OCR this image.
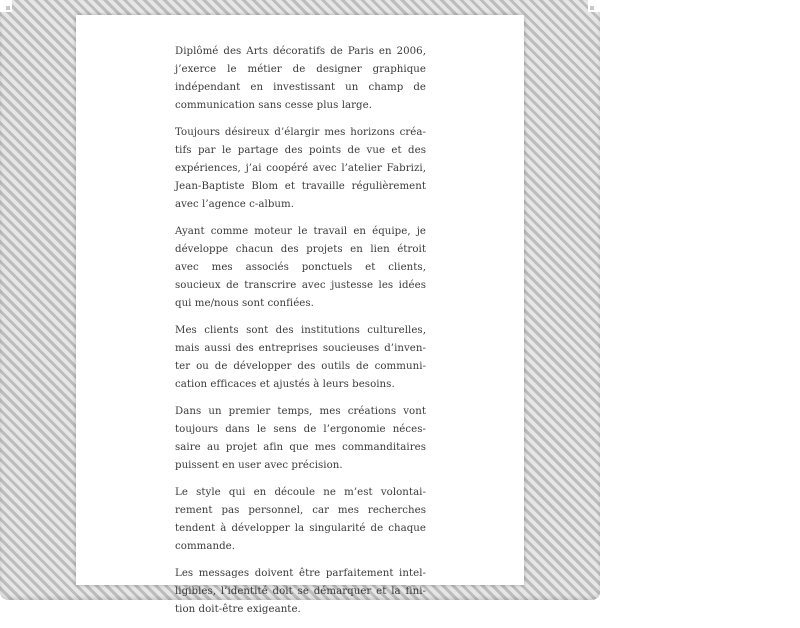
Diplômé des Arts décoratifs de Paris en 2006, j’exerce le métier de designer graphique indépendant en investissant un champ de communication sans cesse plus large.

Toujours désireux d’élargir mes horizons créa-tifs par le partage des points de vue et des expériences, j’ai coopéré avec l’atelier Fabrizi, Jean-Baptiste Blom et travaille régulièrement avec l’agence c-album.

Ayant comme moteur le travail en équipe, je développe chacun des projets en lien étroit avec mes associés ponctuels et clients, soucieux de transcrire avec justesse les idées qui me/nous sont confiées.

Mes clients sont des institutions culturelles, mais aussi des entreprises soucieuses d’inven-ter ou de développer des outils de communi-cation efficaces et ajustés à leurs besoins.

Dans un premier temps, mes créations vont toujours dans le sens de l’ergonomie néces-saire au projet afin que mes commanditaires puissent en user avec précision.

Le style qui en découle ne m’est volontai-rement pas personnel, car mes recherches tendent à développer la singularité de chaque commande.

Les messages doivent être parfaitement intel-ligibles, l’identité doit se démarquer et la fini-tion doit-être exigeante.
